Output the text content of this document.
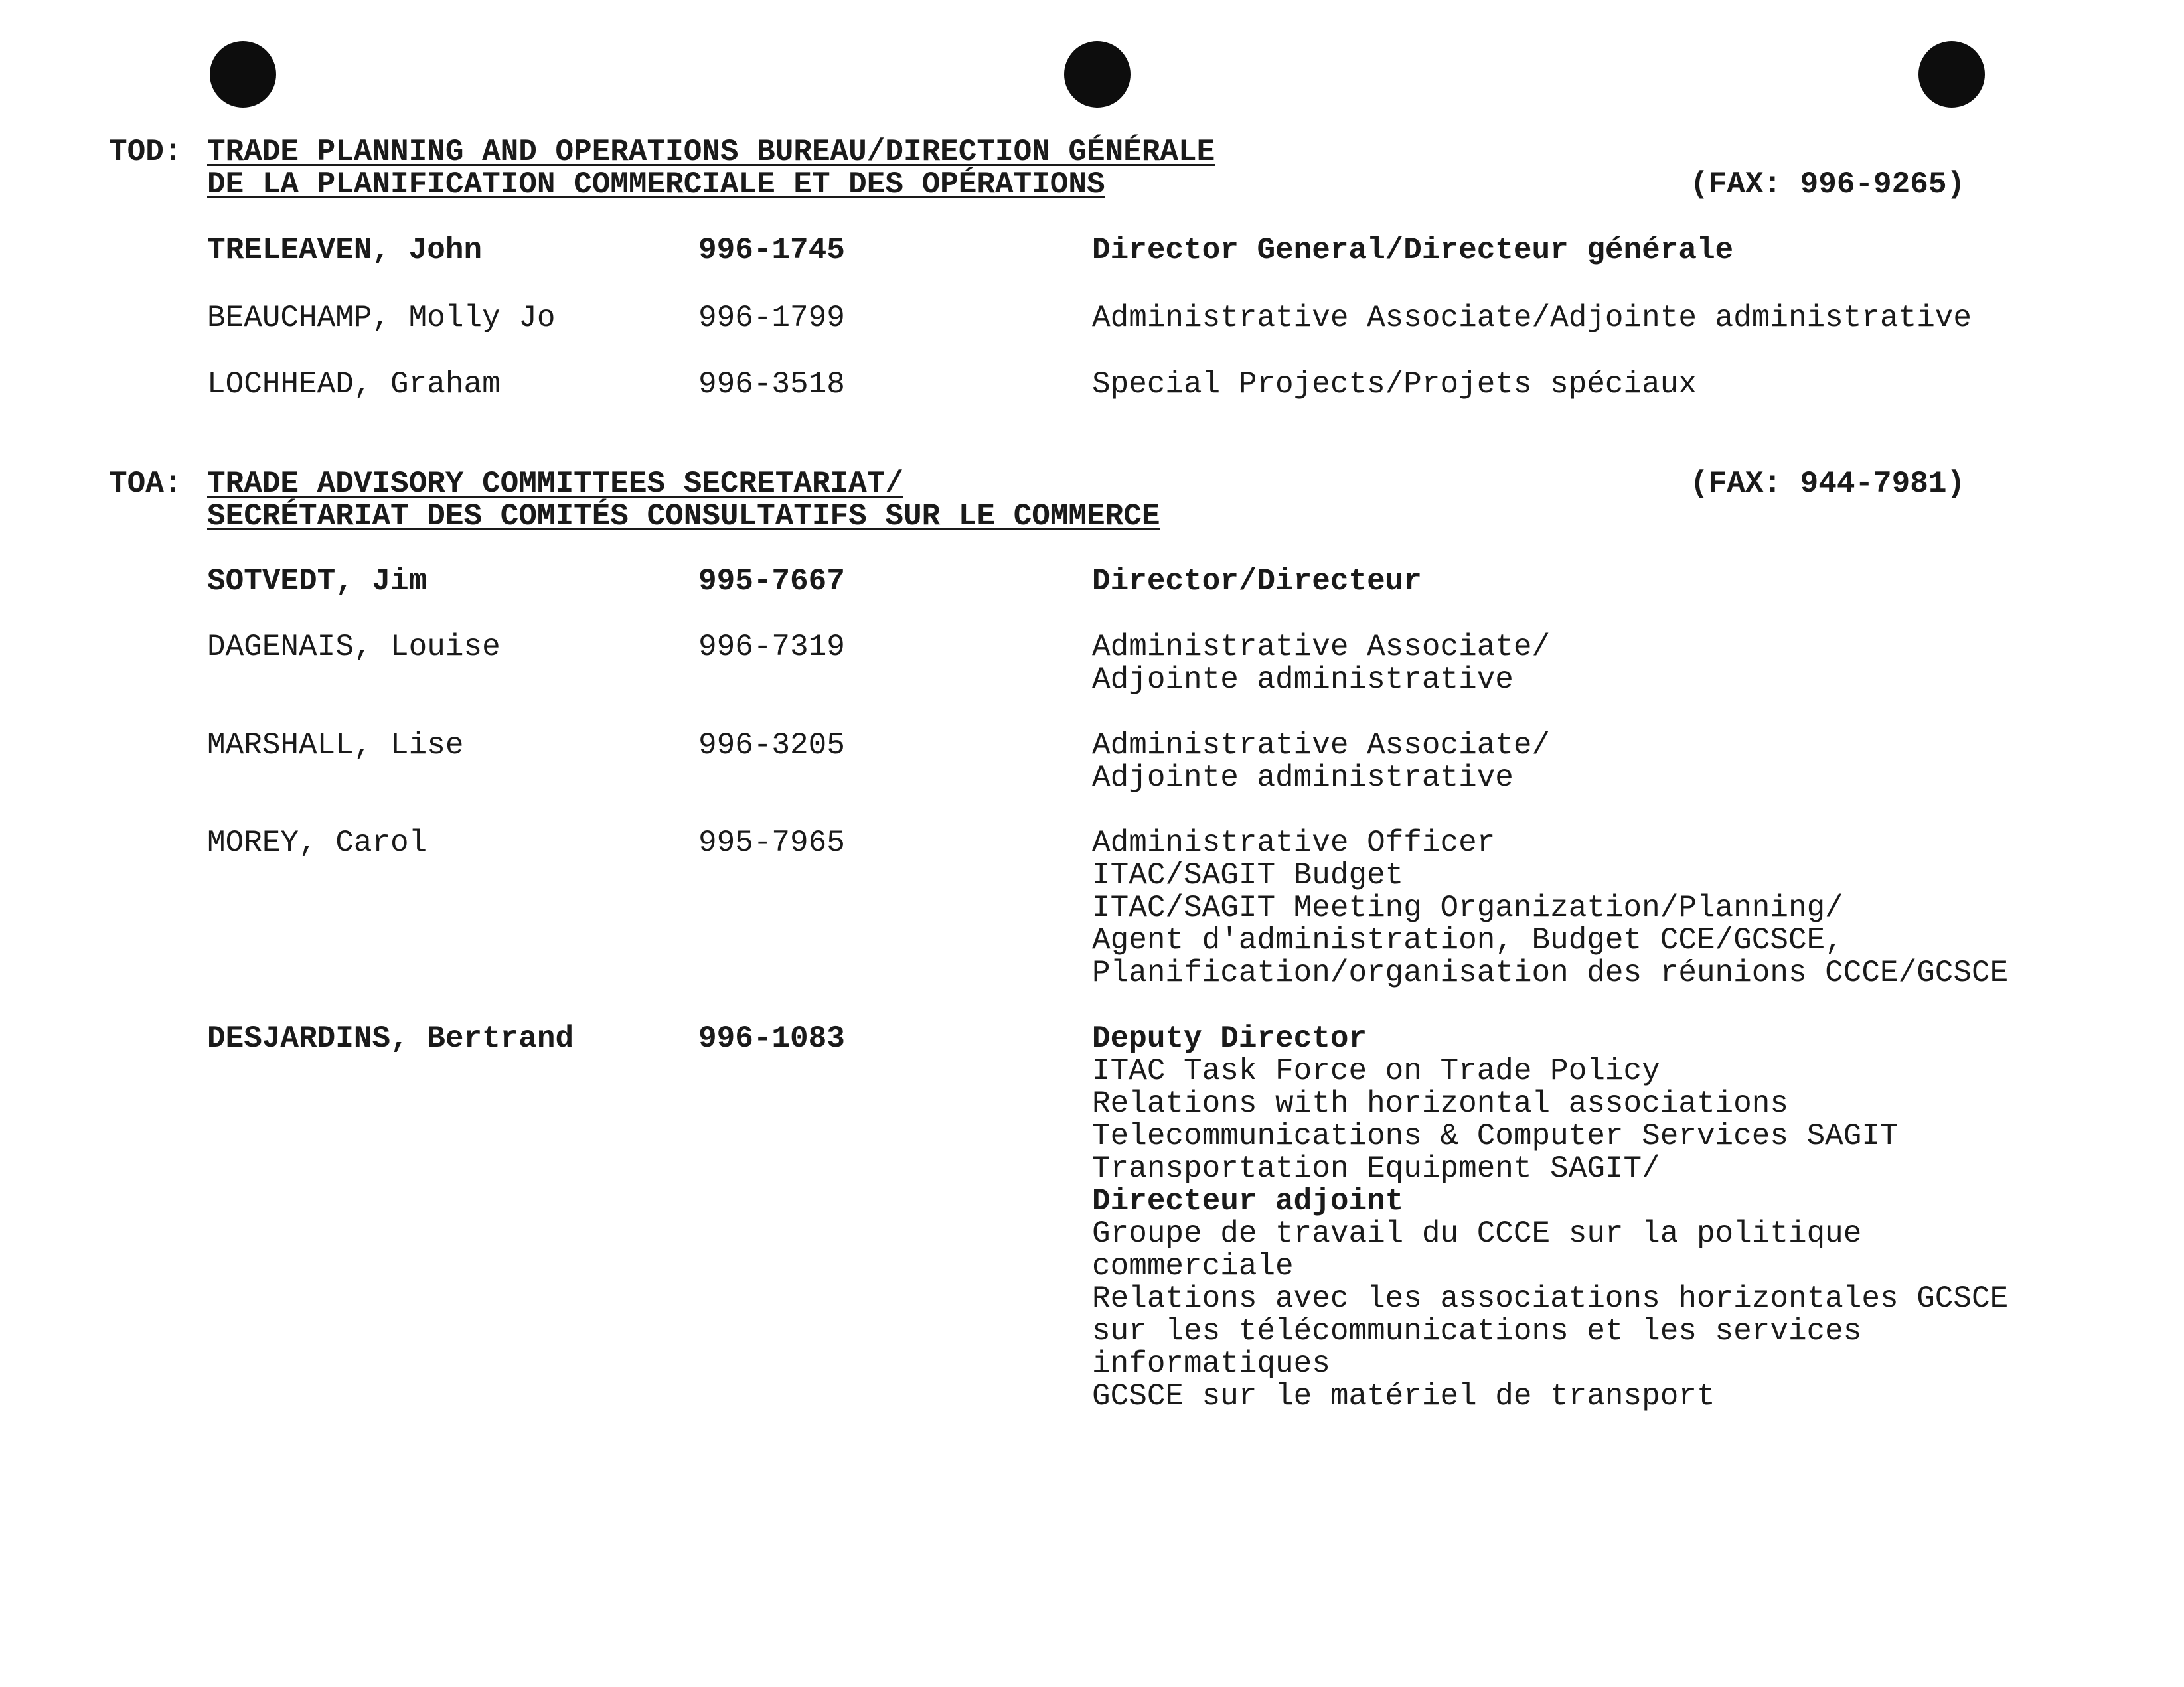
TOD: TRADE PLANNING AND OPERATIONS BUREAU/DIRECTION GÉNÉRALE
DE LA PLANIFICATION COMMERCIALE ET DES OPÉRATIONS	(FAX: 996-9265)
TRELEAVEN, John	996-1745	Director General/Directeur générale
BEAUCHAMP, Molly Jo	996-1799	Administrative Associate/Adjointe administrative
LOCHHEAD, Graham	996-3518	Special Projects/Projets spéciaux
TOA: TRADE ADVISORY COMMITTEES SECRETARIAT/
SECRÉTARIAT DES COMITÉS CONSULTATIFS SUR LE COMMERCE
(FAX: 944-7981)
SOTVEDT, Jim	995-7667	Director/Directeur
DAGENAIS, Louise	996-7319	Administrative Associate/
Adjointe administrative
MARSHALL, Lise	996-3205	Administrative Associate/
Adjointe administrative
MOREY, Carol	995-7965	Administrative Officer
ITAC/SAGIT Budget
ITAC/SAGIT Meeting Organization/Planning/
Agent d'administration, Budget CCE/GCSCE,
Planification/organisation des réunions CCCE/GCSCE
DESJARDINS, Bertrand	996-1083	Deputy Director
ITAC Task Force on Trade Policy
Relations with horizontal associations
Telecommunications & Computer Services SAGIT
Transportation Equipment SAGIT/
Directeur adjoint
Groupe de travail du CCCE sur la politique
commerciale
Relations avec les associations horizontales GCSCE
sur les télécommunications et les services
informatiques
GCSCE sur le matériel de transport
